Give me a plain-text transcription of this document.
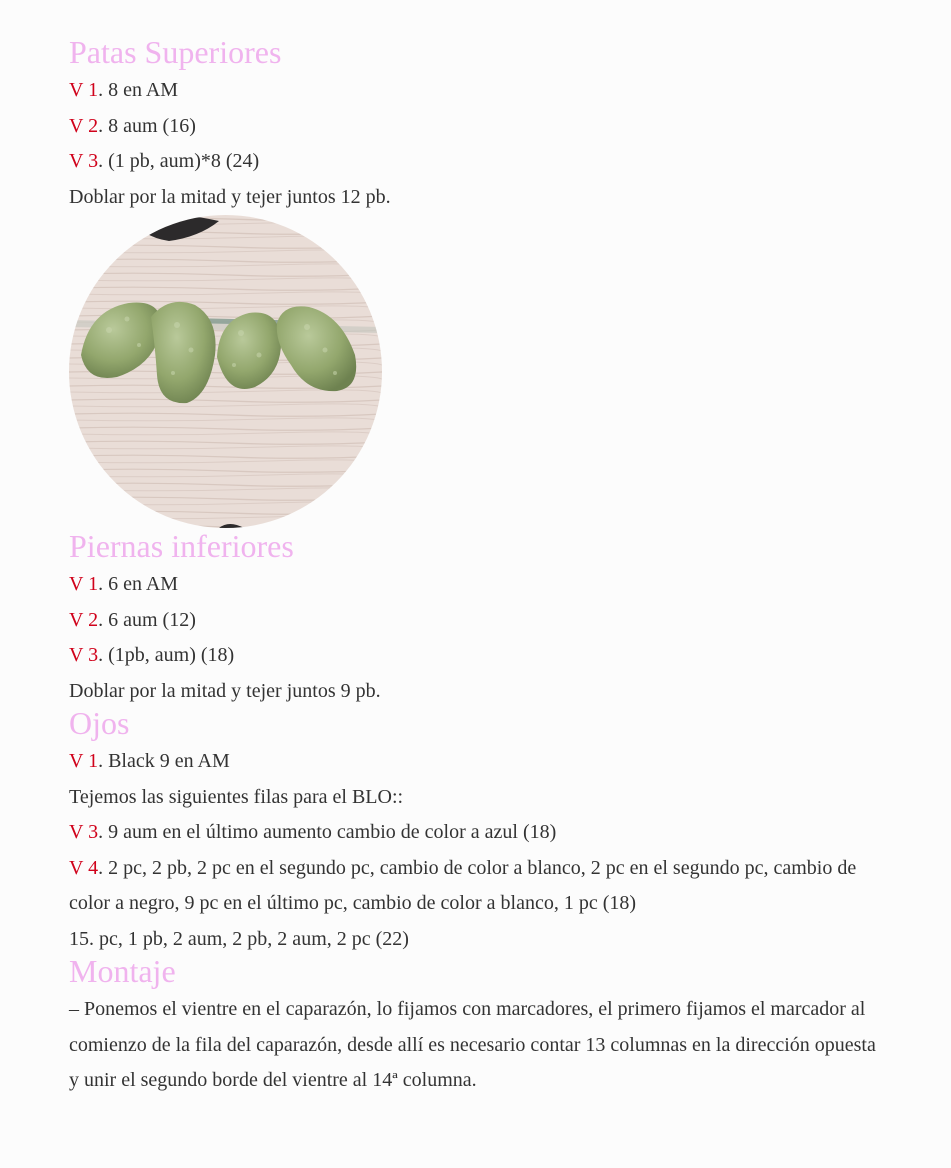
Patas Superiores

V 1. 8 en AM

V 2. 8 aum (16)

V 3. (1 pb, aum)*8 (24)

Doblar por la mitad y tejer juntos 12 pb.

Piernas inferiores

V 1. 6 en AM

V 2. 6 aum (12)

V 3. (1pb, aum) (18)

Doblar por la mitad y tejer juntos 9 pb.

Ojos

V 1. Black 9 en AM

Tejemos las siguientes filas para el BLO::

V 3. 9 aum en el último aumento cambio de color a azul (18)

V 4. 2 pc, 2 pb, 2 pc en el segundo pc, cambio de color a blanco, 2 pc en el segundo pc, cambio de color a negro, 9 pc en el último pc, cambio de color a blanco, 1 pc (18)

15. pc, 1 pb, 2 aum, 2 pb, 2 aum, 2 pc (22)

Montaje

– Ponemos el vientre en el caparazón, lo fijamos con marcadores, el primero fijamos el marcador al comienzo de la fila del caparazón, desde allí es necesario contar 13 columnas en la dirección opuesta y unir el segundo borde del vientre al 14ª columna.
